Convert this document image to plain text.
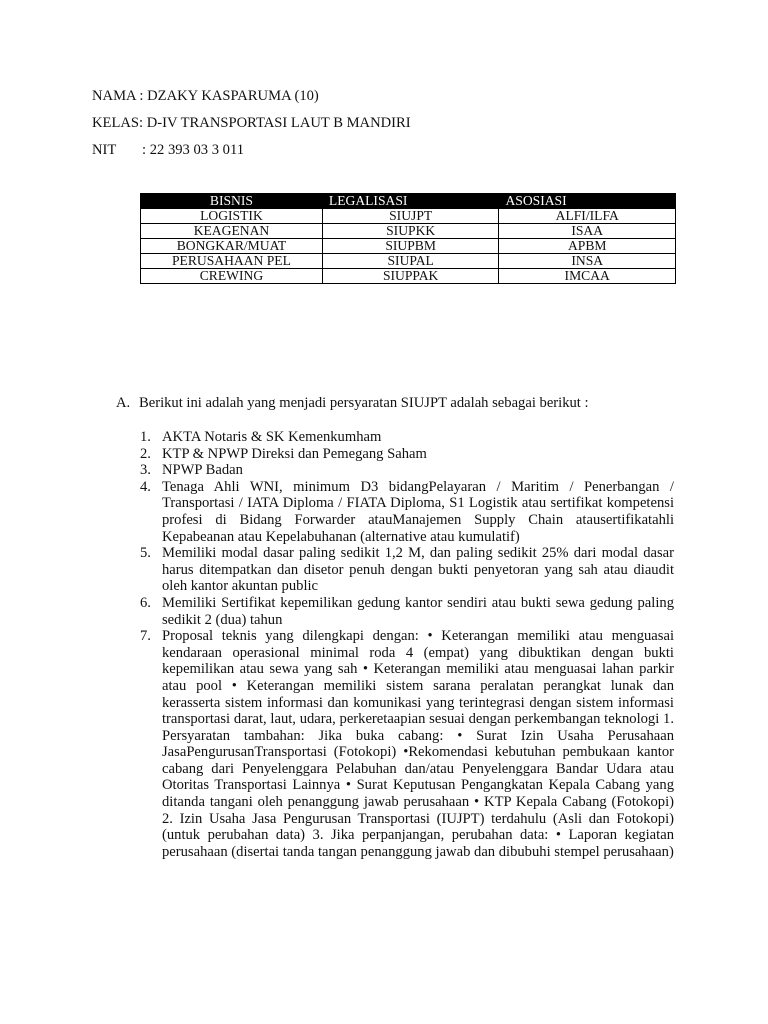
NAMA : DZAKY KASPARUMA (10)
KELAS: D-IV TRANSPORTASI LAUT B MANDIRI
NIT : 22 393 03 3 011
BISNIS	LEGALISASI	ASOSIASI
LOGISTIK	SIUJPT	ALFI/ILFA
KEAGENAN	SIUPKK	ISAA
BONGKAR/MUAT	SIUPBM	APBM
PERUSAHAAN PEL	SIUPAL	INSA
CREWING	SIUPPAK	IMCAA
A. Berikut ini adalah yang menjadi persyaratan SIUJPT adalah sebagai berikut :
1. AKTA Notaris & SK Kemenkumham
2. KTP & NPWP Direksi dan Pemegang Saham
3. NPWP Badan
4. Tenaga Ahli WNI, minimum D3 bidangPelayaran / Maritim / Penerbangan / Transportasi / IATA Diploma / FIATA Diploma, S1 Logistik atau sertifikat kompetensi profesi di Bidang Forwarder atauManajemen Supply Chain atausertifikatahli Kepabeanan atau Kepelabuhanan (alternative atau kumulatif)
5. Memiliki modal dasar paling sedikit 1,2 M, dan paling sedikit 25% dari modal dasar harus ditempatkan dan disetor penuh dengan bukti penyetoran yang sah atau diaudit oleh kantor akuntan public
6. Memiliki Sertifikat kepemilikan gedung kantor sendiri atau bukti sewa gedung paling sedikit 2 (dua) tahun
7. Proposal teknis yang dilengkapi dengan: • Keterangan memiliki atau menguasai kendaraan operasional minimal roda 4 (empat) yang dibuktikan dengan bukti kepemilikan atau sewa yang sah • Keterangan memiliki atau menguasai lahan parkir atau pool • Keterangan memiliki sistem sarana peralatan perangkat lunak dan kerasserta sistem informasi dan komunikasi yang terintegrasi dengan sistem informasi transportasi darat, laut, udara, perkeretaapian sesuai dengan perkembangan teknologi 1. Persyaratan tambahan: Jika buka cabang: • Surat Izin Usaha Perusahaan JasaPengurusanTransportasi (Fotokopi) •Rekomendasi kebutuhan pembukaan kantor cabang dari Penyelenggara Pelabuhan dan/atau Penyelenggara Bandar Udara atau Otoritas Transportasi Lainnya • Surat Keputusan Pengangkatan Kepala Cabang yang ditanda tangani oleh penanggung jawab perusahaan • KTP Kepala Cabang (Fotokopi) 2. Izin Usaha Jasa Pengurusan Transportasi (IUJPT) terdahulu (Asli dan Fotokopi) (untuk perubahan data) 3. Jika perpanjangan, perubahan data: • Laporan kegiatan perusahaan (disertai tanda tangan penanggung jawab dan dibubuhi stempel perusahaan)
